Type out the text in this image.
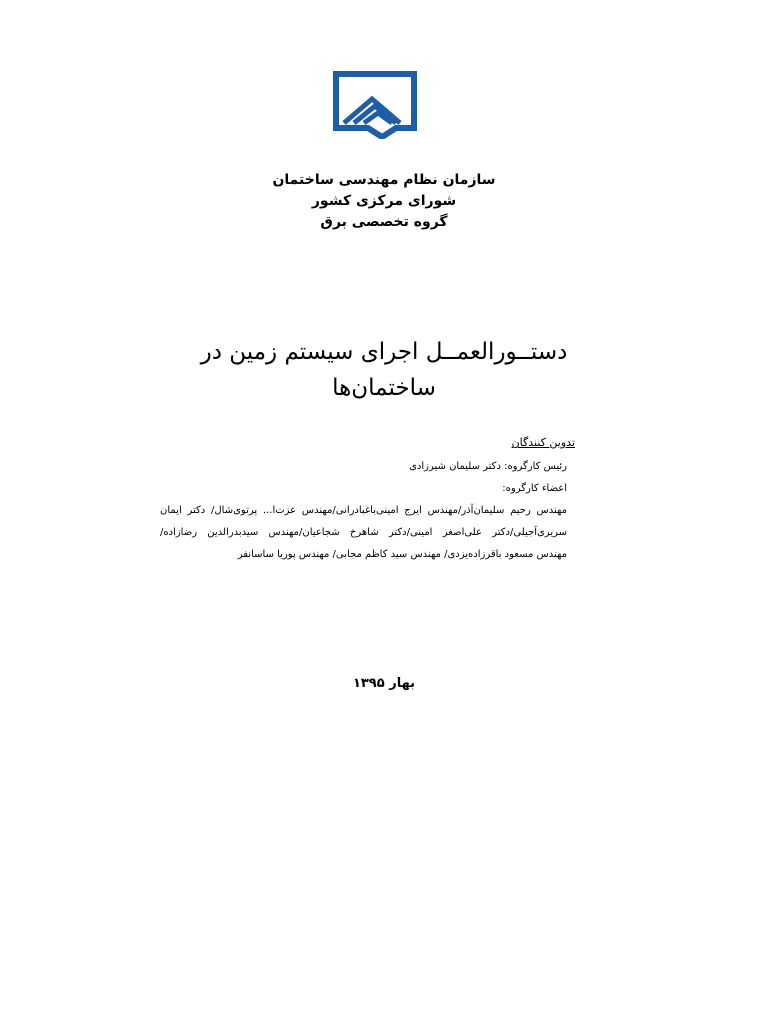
سازمان نظام مهندسی ساختمان

شورای مرکزی کشور

گروه تخصصی برق

دستــورالعمــل اجرای سیستم زمین در

ساختمان‌ها

تدوین کنندگان

رئیس کارگروه: دکتر سلیمان شیرزادی

اعضاء کارگروه:

مهندس رحیم سلیمان‌آذر/مهندس ایرج امینی‌باغبادرانی/مهندس عزت‌ا... پرتوی‌شال/ دکتر ایمان

سریری‌آجیلی/دکتر علی‌اصغر امینی/دکتر شاهرخ شجاعیان/مهندس سیدبدرالدین رضازاده/

مهندس مسعود باقرزاده‌یزدی/ مهندس سید کاظم مجابی/ مهندس پوریا ساسانفر

بهار ۱۳۹۵
